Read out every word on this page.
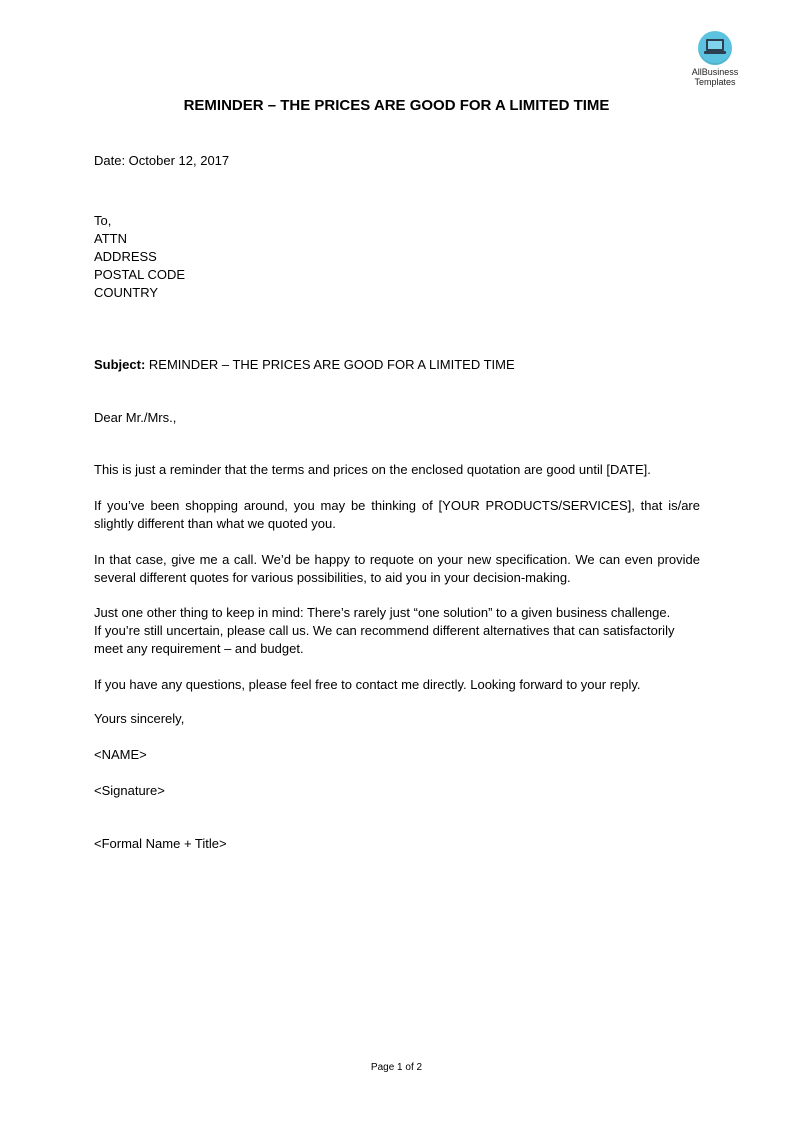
AllBusiness
Templates
REMINDER – THE PRICES ARE GOOD FOR A LIMITED TIME
Date: October 12, 2017
To,
ATTN
ADDRESS
POSTAL CODE
COUNTRY
Subject: REMINDER – THE PRICES ARE GOOD FOR A LIMITED TIME
Dear Mr./Mrs.,
This is just a reminder that the terms and prices on the enclosed quotation are good until [DATE].
If you’ve been shopping around, you may be thinking of [YOUR PRODUCTS/SERVICES], that is/are slightly different than what we quoted you.
In that case, give me a call. We’d be happy to requote on your new specification. We can even provide several different quotes for various possibilities, to aid you in your decision-making.
Just one other thing to keep in mind: There’s rarely just “one solution” to a given business challenge.
If you’re still uncertain, please call us. We can recommend different alternatives that can satisfactorily meet any requirement – and budget.
If you have any questions, please feel free to contact me directly. Looking forward to your reply.
Yours sincerely,
<NAME>
<Signature>
<Formal Name + Title>
Page 1 of 2
